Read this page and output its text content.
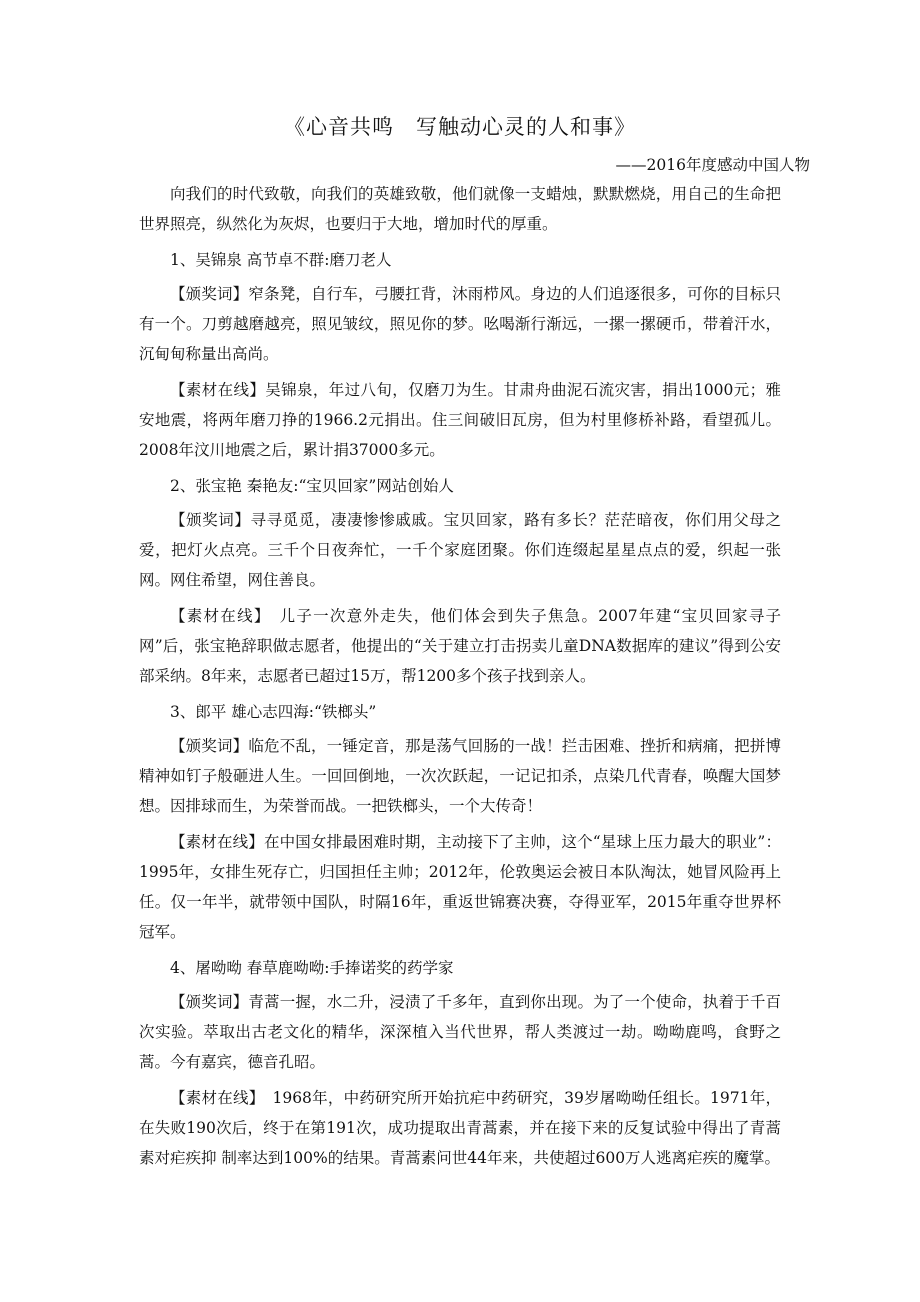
《心音共鸣　写触动心灵的人和事》
——2016年度感动中国人物

向我们的时代致敬，向我们的英雄致敬，他们就像一支蜡烛，默默燃烧，用自己的生命把世界照亮，纵然化为灰烬，也要归于大地，增加时代的厚重。

1、吴锦泉 高节卓不群:磨刀老人

【颁奖词】窄条凳，自行车，弓腰扛背，沐雨栉风。身边的人们追逐很多，可你的目标只有一个。刀剪越磨越亮，照见皱纹，照见你的梦。吆喝渐行渐远，一摞一摞硬币，带着汗水，沉甸甸称量出高尚。

【素材在线】吴锦泉，年过八旬，仅磨刀为生。甘肃舟曲泥石流灾害，捐出1000元；雅安地震，将两年磨刀挣的1966.2元捐出。住三间破旧瓦房，但为村里修桥补路，看望孤儿。2008年汶川地震之后，累计捐37000多元。

2、张宝艳 秦艳友:“宝贝回家”网站创始人

【颁奖词】寻寻觅觅，凄凄惨惨戚戚。宝贝回家，路有多长？茫茫暗夜，你们用父母之爱，把灯火点亮。三千个日夜奔忙，一千个家庭团聚。你们连缀起星星点点的爱，织起一张网。网住希望，网住善良。

【素材在线】　儿子一次意外走失，他们体会到失子焦急。2007年建“宝贝回家寻子网”后，张宝艳辞职做志愿者，他提出的“关于建立打击拐卖儿童DNA数据库的建议”得到公安部采纳。8年来，志愿者已超过15万，帮1200多个孩子找到亲人。

3、郎平 雄心志四海:“铁榔头”

【颁奖词】临危不乱，一锤定音，那是荡气回肠的一战！拦击困难、挫折和病痛，把拼博精神如钉子般砸进人生。一回回倒地，一次次跃起，一记记扣杀，点染几代青春，唤醒大国梦想。因排球而生，为荣誉而战。一把铁榔头，一个大传奇！

【素材在线】在中国女排最困难时期，主动接下了主帅，这个“星球上压力最大的职业”：1995年，女排生死存亡，归国担任主帅；2012年，伦敦奥运会被日本队淘汰，她冒风险再上任。仅一年半，就带领中国队，时隔16年，重返世锦赛决赛，夺得亚军，2015年重夺世界杯冠军。

4、屠呦呦 春草鹿呦呦:手捧诺奖的药学家

【颁奖词】青蒿一握，水二升，浸渍了千多年，直到你出现。为了一个使命，执着于千百次实验。萃取出古老文化的精华，深深植入当代世界，帮人类渡过一劫。呦呦鹿鸣，食野之蒿。今有嘉宾，德音孔昭。

【素材在线】　1968年，中药研究所开始抗疟中药研究，39岁屠呦呦任组长。1971年，在失败190次后，终于在第191次，成功提取出青蒿素，并在接下来的反复试验中得出了青蒿素对疟疾抑 制率达到100%的结果。青蒿素问世44年来，共使超过600万人逃离疟疾的魔掌。
